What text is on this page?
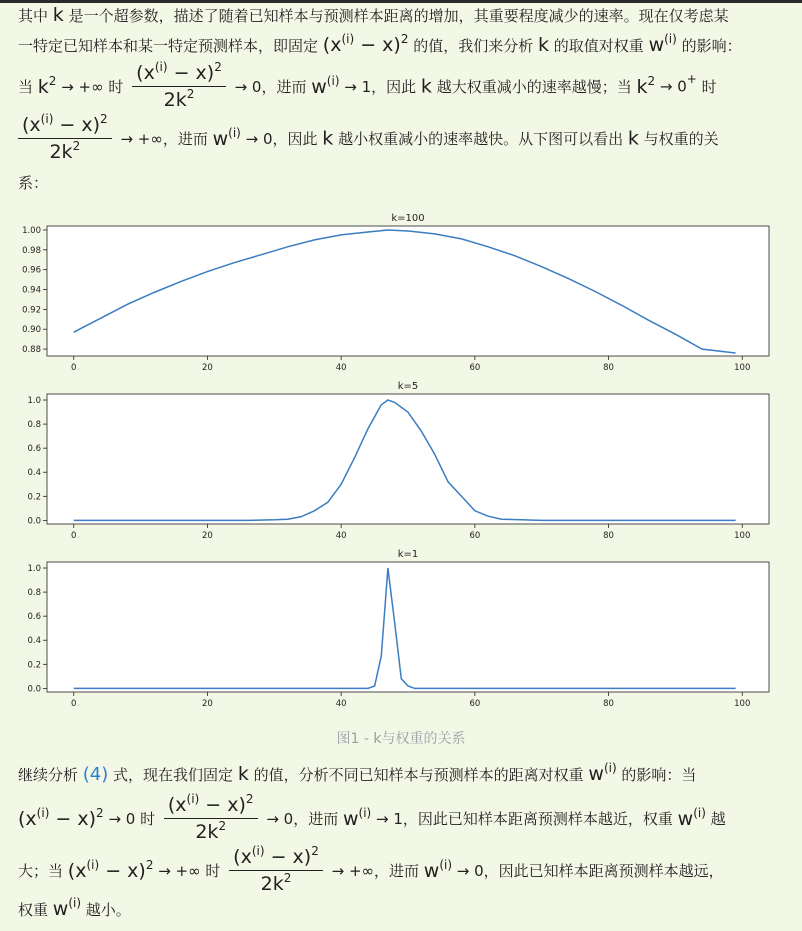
其中 k 是一个超参数，描述了随着已知样本与预测样本距离的增加，其重要程度减少的速率。现在仅考虑某
一特定已知样本和某一特定预测样本，即固定 $(x^{(i)} - x)^2$ 的值，我们来分析 k 的取值对权重 $w^{(i)}$ 的影响：
当 $k^2$ → +∞ 时 $\frac{(x^{(i)} - x)^2}{2k^2} \to 0$，进而 $w^{(i)} \to 1$，因此 k 越大权重减小的速率越慢；当 $k^2 \to 0^+$ 时
$\frac{(x^{(i)} - x)^2}{2k^2}$ → +∞，进而 $w^{(i)} \to 0$，因此 k 越小权重减小的速率越快。从下图可以看出 k 与权重的关
系：
k=100
0.88
0.90
0.92
0.94
0.96
0.98
1.00
0	20	40	60	80	100
k=5
0.0
0.2
0.4
0.6
0.8
1.0
0	20	40	60	80	100
k=1
0.0
0.2
0.4
0.6
0.8
1.0
0	20	40	60	80	100
图1 - k与权重的关系
继续分析 (4) 式，现在我们固定 k 的值，分析不同已知样本与预测样本的距离对权重 $w^{(i)}$ 的影响：当
$(x^{(i)} - x)^2 \to 0$ 时 $\frac{(x^{(i)} - x)^2}{2k^2} \to 0$，进而 $w^{(i)} \to 1$，因此已知样本距离预测样本越近，权重 $w^{(i)}$ 越
大；当 $(x^{(i)} - x)^2$ → +∞ 时 $\frac{(x^{(i)} - x)^2}{2k^2}$ → +∞，进而 $w^{(i)} \to 0$，因此已知样本距离预测样本越远，
权重 $w^{(i)}$ 越小。
